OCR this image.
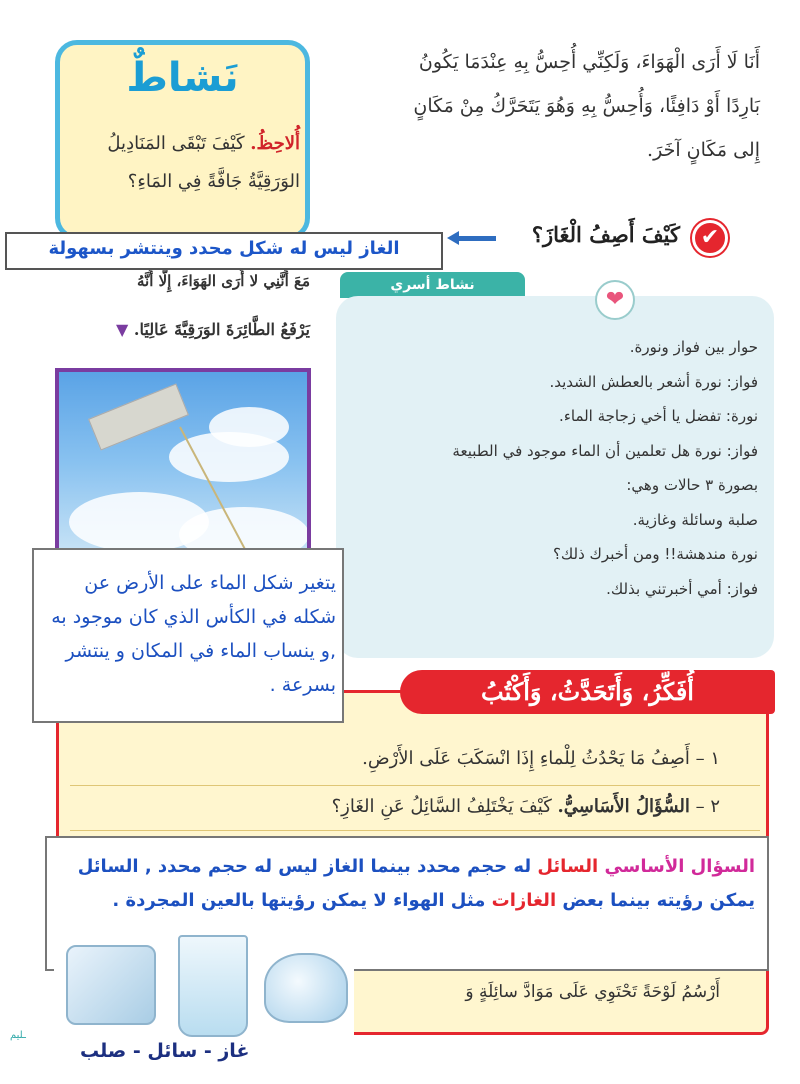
أَنَا لَا أَرَى الْهَوَاءَ، وَلَكِنِّي أُحِسُّ بِهِ عِنْدَمَا يَكُونُ
بَارِدًا أَوْ دَافِئًا، وَأُحِسُّ بِهِ وَهُوَ يَتَحَرَّكُ مِنْ مَكَانٍ
إِلى مَكَانٍ آخَرَ.
نَشاطٌ
أُلاحِظُ. كَيْفَ تَبْقَى المَنَادِيلُ الوَرَقِيَّةُ جَافَّةً فِي المَاءِ؟
✔
كَيْفَ أَصِفُ الْغَازَ؟
مَعَ أَنَّنِي لا أَرَى الهَوَاءَ، إِلَّا أَنَّهُ
يَرْفَعُ الطَّائِرَةَ الوَرَقِيَّةَ عَالِيًا. ▼
الغاز ليس له شكل محدد وينتشر بسهولة
نشاط أسري
❤
حوار بين فواز ونورة.
فواز: نورة أشعر بالعطش الشديد.
نورة: تفضل يا أخي زجاجة الماء.
فواز: نورة هل تعلمين أن الماء موجود في الطبيعة
بصورة ٣ حالات وهي:
صلبة وسائلة وغازية.
نورة مندهشة!! ومن أخبرك ذلك؟
فواز: أمي أخبرتني بذلك.
أُفَكِّرُ، وَأَتَحَدَّثُ، وَأَكْتُبُ
يتغير شكل الماء على الأرض عن شكله في الكأس الذي كان موجود به ,و ينساب الماء في المكان و ينتشر بسرعة .
١ – أَصِفُ مَا يَحْدُثُ لِلْماءِ إِذَا انْسَكَبَ عَلَى الأَرْضِ.
٢ – السُّؤَالُ الأَسَاسِيُّ. كَيْفَ يَخْتَلِفُ السَّائِلُ عَنِ الغَازِ؟
السؤال الأساسي السائل له حجم محدد بينما الغاز ليس له حجم محدد , السائل يمكن رؤيته بينما بعض الغازات مثل الهواء لا يمكن رؤيتها بالعين المجردة .
أَرْسُمُ لَوْحَةً تَحْتَوِي عَلَى مَوَادَّ سائِلَةٍ وَ
غاز - سائل - صلب
ـليم
